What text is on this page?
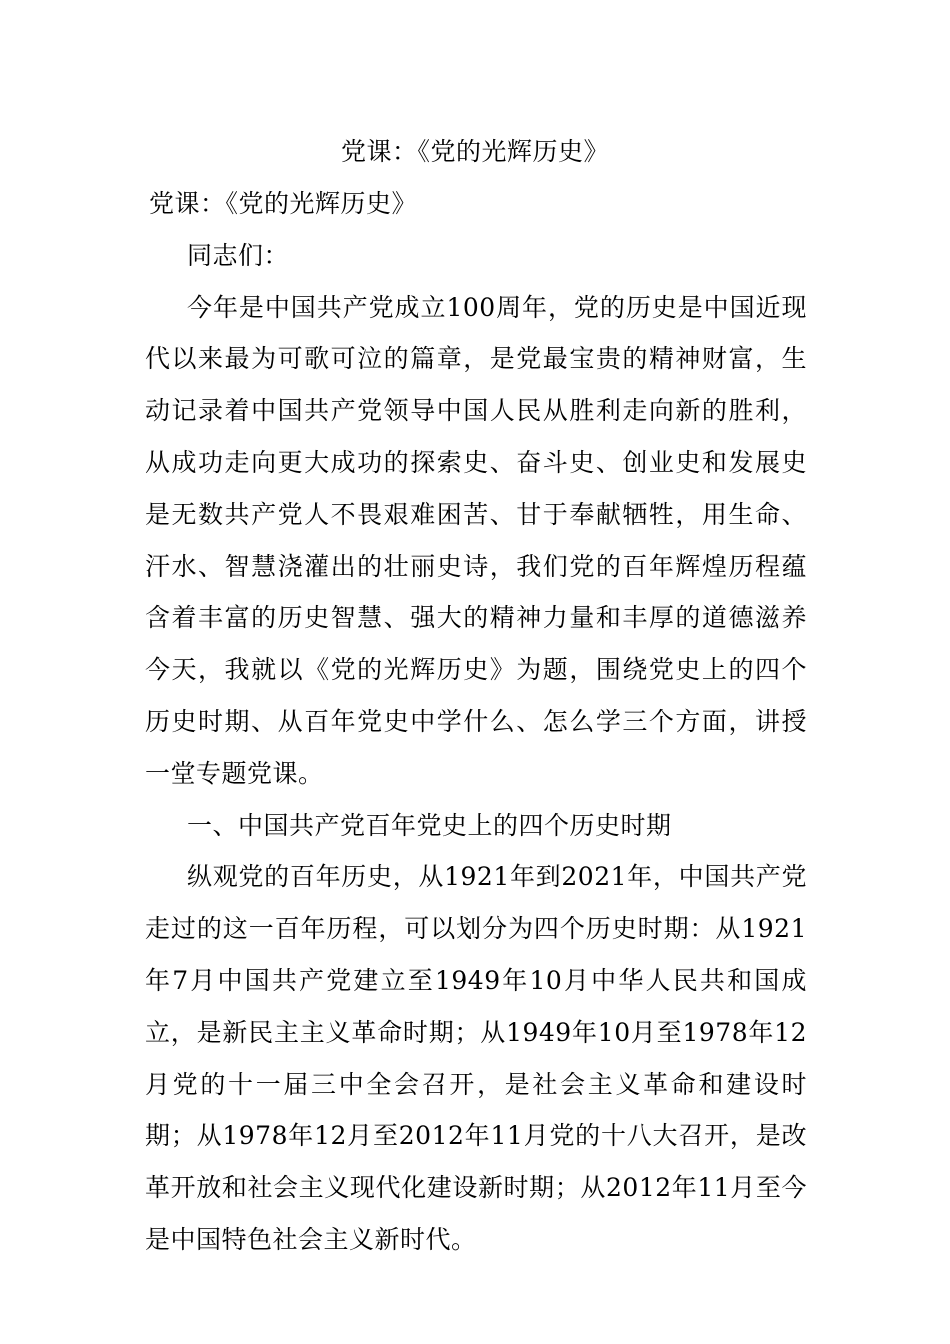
党课：《党的光辉历史》

党课：《党的光辉历史》

同志们：

今年是中国共产党成立100周年，党的历史是中国近现代以来最为可歌可泣的篇章，是党最宝贵的精神财富，生动记录着中国共产党领导中国人民从胜利走向新的胜利，从成功走向更大成功的探索史、奋斗史、创业史和发展史是无数共产党人不畏艰难困苦、甘于奉献牺牲，用生命、汗水、智慧浇灌出的壮丽史诗，我们党的百年辉煌历程蕴含着丰富的历史智慧、强大的精神力量和丰厚的道德滋养今天，我就以《党的光辉历史》为题，围绕党史上的四个历史时期、从百年党史中学什么、怎么学三个方面，讲授一堂专题党课。

一、中国共产党百年党史上的四个历史时期

纵观党的百年历史，从1921年到2021年，中国共产党走过的这一百年历程，可以划分为四个历史时期：从1921年7月中国共产党建立至1949年10月中华人民共和国成立，是新民主主义革命时期；从1949年10月至1978年12月党的十一届三中全会召开，是社会主义革命和建设时期；从1978年12月至2012年11月党的十八大召开，是改革开放和社会主义现代化建设新时期；从2012年11月至今是中国特色社会主义新时代。
